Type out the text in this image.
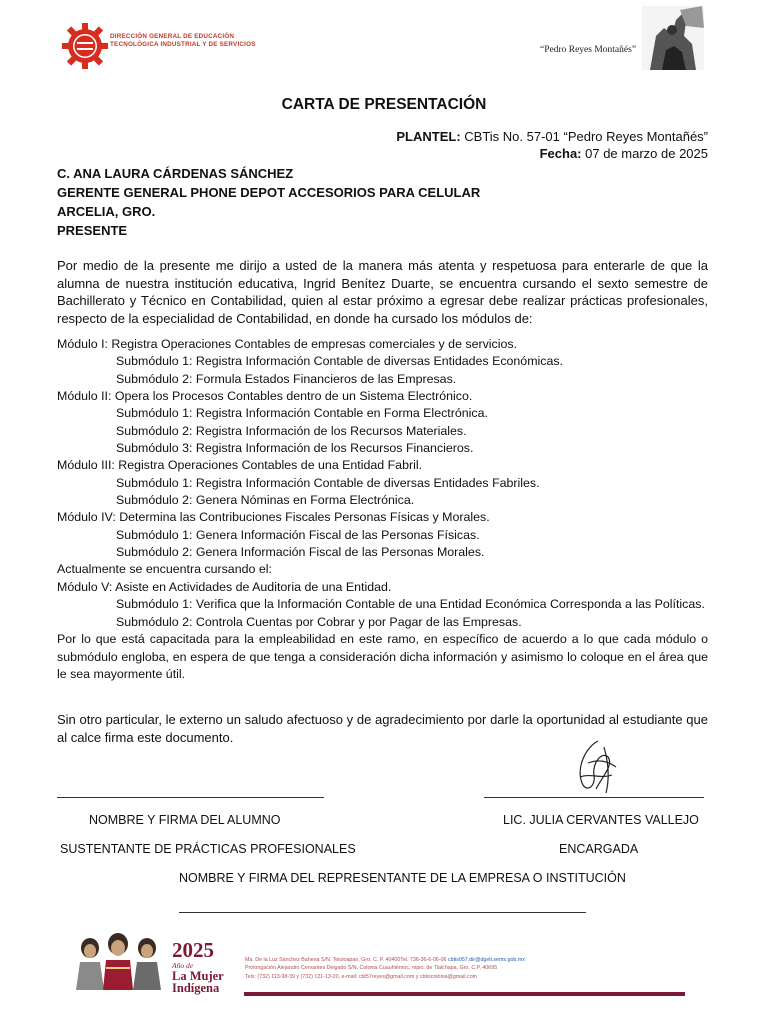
DIRECCIÓN GENERAL DE EDUCACIÓN
TECNOLÓGICA INDUSTRIAL Y DE SERVICIOS
“Pedro Reyes Montañés”
CARTA DE PRESENTACIÓN
PLANTEL: CBTis No. 57-01 “Pedro Reyes Montañés”
Fecha: 07 de marzo de 2025
C. ANA LAURA CÁRDENAS SÁNCHEZ
GERENTE GENERAL PHONE DEPOT ACCESORIOS PARA CELULAR
ARCELIA, GRO.
PRESENTE
Por medio de la presente me dirijo a usted de la manera más atenta y respetuosa para enterarle de que la alumna de nuestra institución educativa, Ingrid Benítez Duarte, se encuentra cursando el sexto semestre de Bachillerato y Técnico en Contabilidad, quien al estar próximo a egresar debe realizar prácticas profesionales, respecto de la especialidad de Contabilidad, en donde ha cursado los módulos de:
Módulo I: Registra Operaciones Contables de empresas comerciales y de servicios.
Submódulo 1: Registra Información Contable de diversas Entidades Económicas.
Submódulo 2: Formula Estados Financieros de las Empresas.
Módulo II: Opera los Procesos Contables dentro de un Sistema Electrónico.
Submódulo 1: Registra Información Contable en Forma Electrónica.
Submódulo 2: Registra Información de los Recursos Materiales.
Submódulo 3: Registra Información de los Recursos Financieros.
Módulo III: Registra Operaciones Contables de una Entidad Fabril.
Submódulo 1: Registra Información Contable de diversas Entidades Fabriles.
Submódulo 2: Genera Nóminas en Forma Electrónica.
Módulo IV: Determina las Contribuciones Fiscales Personas Físicas y Morales.
Submódulo 1: Genera Información Fiscal de las Personas Físicas.
Submódulo 2: Genera Información Fiscal de las Personas Morales.
Actualmente se encuentra cursando el:
Módulo V: Asiste en Actividades de Auditoria de una Entidad.
Submódulo 1: Verifica que la Información Contable de una Entidad Económica Corresponda a las Políticas.
Submódulo 2: Controla Cuentas por Cobrar y por Pagar de las Empresas.
Por lo que está capacitada para la empleabilidad en este ramo, en específico de acuerdo a lo que cada módulo o submódulo engloba, en espera de que tenga a consideración dicha información y asimismo lo coloque en el área que le sea mayormente útil.
Sin otro particular, le externo un saludo afectuoso y de agradecimiento por darle la oportunidad al estudiante que al calce firma este documento.
NOMBRE Y FIRMA DEL ALUMNO	LIC. JULIA CERVANTES VALLEJO
SUSTENTANTE DE PRÁCTICAS PROFESIONALES	ENCARGADA
NOMBRE Y FIRMA DEL REPRESENTANTE DE LA EMPRESA O INSTITUCIÓN
2025
Año de
La Mujer
Indígena
Ma. De la Luz Sánchez Bahena S/N. Teloloapan, Gro. C. P. 40400Tel. 736-36-6-06-06 cbtis057.dir@dgeti.sems.gob.mx
Prolongación Alejandro Cervantes Delgado S/N, Colonia Cuauhtémoc, mpio. de Tlalchapa, Gro. C.P. 40695
Tels: (732) 113-98-39 y (732) 121-13-20, e-mail: cbt57reyes@gmail.com y cbtiscolonia@gmail.com
